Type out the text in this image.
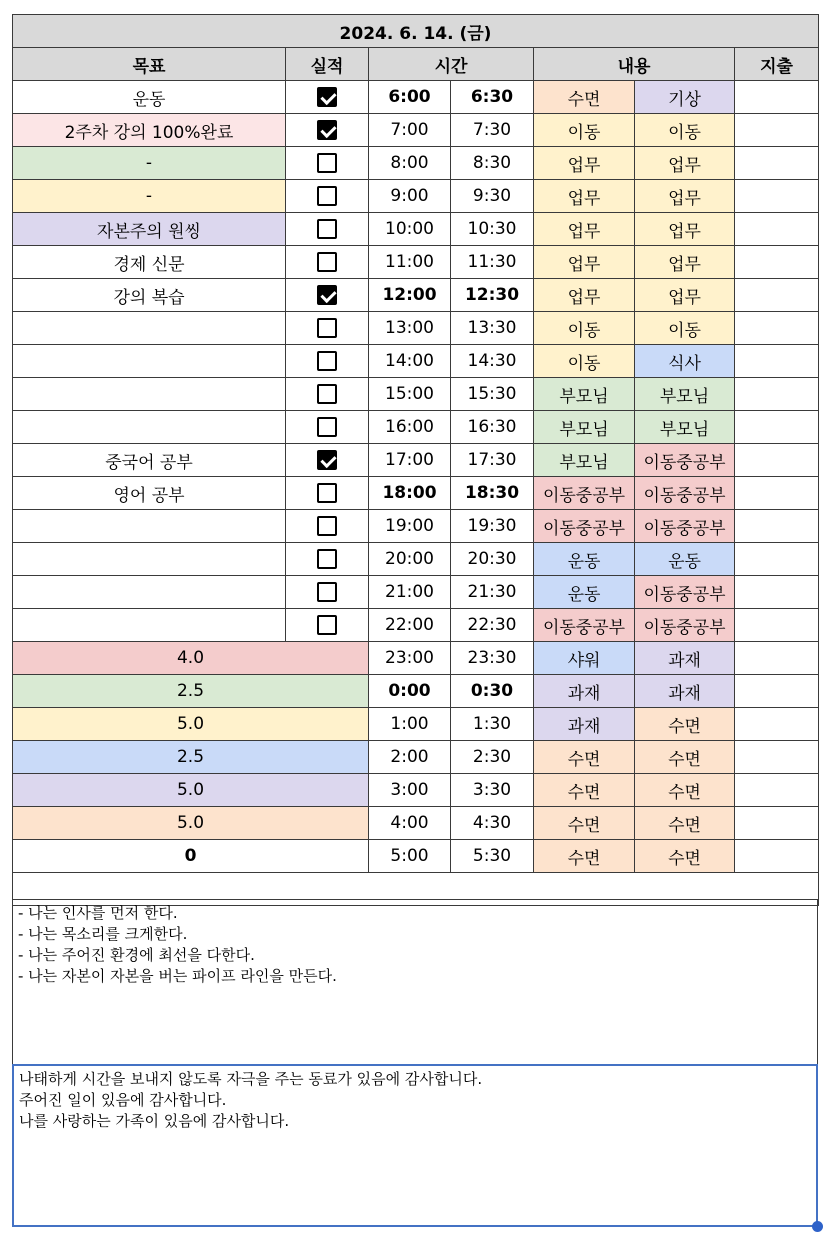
2024. 6. 14. (금)						
목표	실적	시간		내용		지출
운동		6:00	6:30	수면	기상	
2주차 강의 100%완료		7:00	7:30	이동	이동	
-		8:00	8:30	업무	업무	
-		9:00	9:30	업무	업무	
자본주의 원씽		10:00	10:30	업무	업무	
경제 신문		11:00	11:30	업무	업무	
강의 복습		12:00	12:30	업무	업무	
		13:00	13:30	이동	이동	
		14:00	14:30	이동	식사	
		15:00	15:30	부모님	부모님	
		16:00	16:30	부모님	부모님	
중국어 공부		17:00	17:30	부모님	이동중공부	
영어 공부		18:00	18:30	이동중공부	이동중공부	
		19:00	19:30	이동중공부	이동중공부	
		20:00	20:30	운동	운동	
		21:00	21:30	운동	이동중공부	
		22:00	22:30	이동중공부	이동중공부	
4.0		23:00	23:30	샤워	과재	
2.5		0:00	0:30	과재	과재	
5.0		1:00	1:30	과재	수면	
2.5		2:00	2:30	수면	수면	
5.0		3:00	3:30	수면	수면	
5.0		4:00	4:30	수면	수면	
0		5:00	5:30	수면	수면	

- 나는 인사를 먼저 한다.
- 나는 목소리를 크게한다.
- 나는 주어진 환경에 최선을 다한다.
- 나는 자본이 자본을 버는 파이프 라인을 만든다.
나태하게 시간을 보내지 않도록 자극을 주는 동료가 있음에 감사합니다.
주어진 일이 있음에 감사합니다.
나를 사랑하는 가족이 있음에 감사합니다.
